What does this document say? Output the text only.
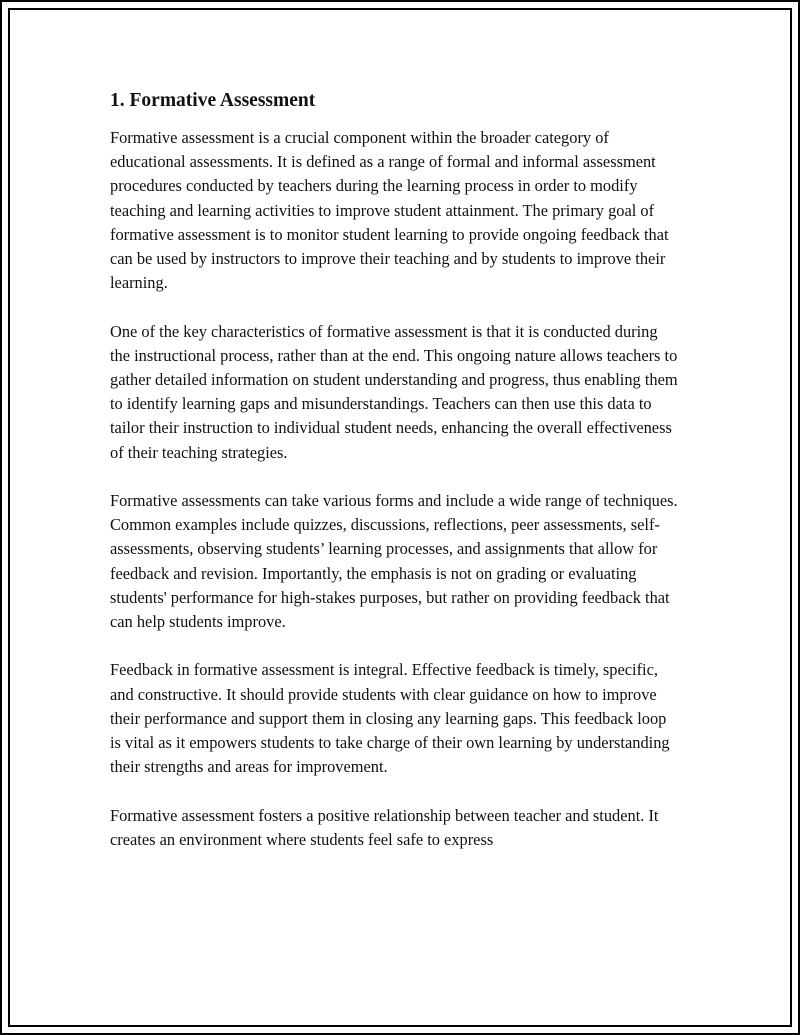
1. Formative Assessment

Formative assessment is a crucial component within the broader category of educational assessments. It is defined as a range of formal and informal assessment procedures conducted by teachers during the learning process in order to modify teaching and learning activities to improve student attainment. The primary goal of formative assessment is to monitor student learning to provide ongoing feedback that can be used by instructors to improve their teaching and by students to improve their learning.

One of the key characteristics of formative assessment is that it is conducted during the instructional process, rather than at the end. This ongoing nature allows teachers to gather detailed information on student understanding and progress, thus enabling them to identify learning gaps and misunderstandings. Teachers can then use this data to tailor their instruction to individual student needs, enhancing the overall effectiveness of their teaching strategies.

Formative assessments can take various forms and include a wide range of techniques. Common examples include quizzes, discussions, reflections, peer assessments, self-assessments, observing students’ learning processes, and assignments that allow for feedback and revision. Importantly, the emphasis is not on grading or evaluating students' performance for high-stakes purposes, but rather on providing feedback that can help students improve.

Feedback in formative assessment is integral. Effective feedback is timely, specific, and constructive. It should provide students with clear guidance on how to improve their performance and support them in closing any learning gaps. This feedback loop is vital as it empowers students to take charge of their own learning by understanding their strengths and areas for improvement.

Formative assessment fosters a positive relationship between teacher and student. It creates an environment where students feel safe to express
